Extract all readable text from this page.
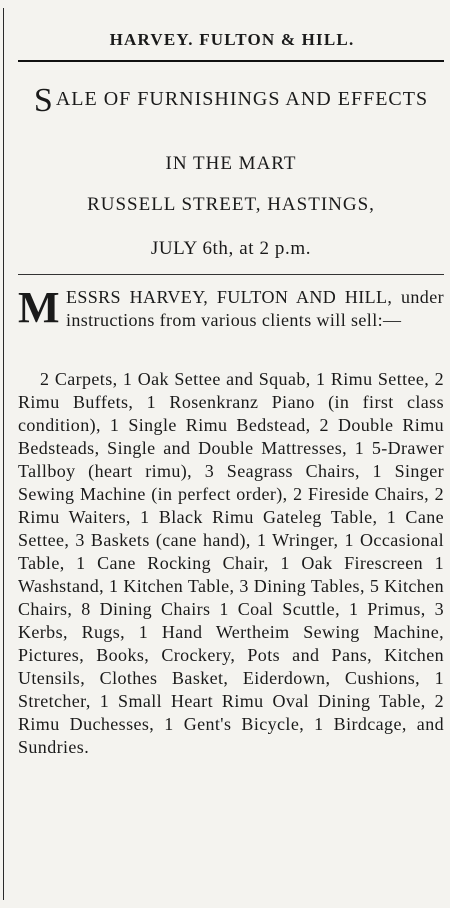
HARVEY. FULTON & HILL.
SALE OF FURNISHINGS AND EFFECTS
IN THE MART
RUSSELL STREET, HASTINGS,
JULY 6th, at 2 p.m.
MESSRS HARVEY, FULTON AND HILL, under instructions from various clients will sell:—
2 Carpets, 1 Oak Settee and Squab, 1 Rimu Settee, 2 Rimu Buffets, 1 Rosenkranz Piano (in first class condition), 1 Single Rimu Bedstead, 2 Double Rimu Bedsteads, Single and Double Mattresses, 1 5-Drawer Tallboy (heart rimu), 3 Seagrass Chairs, 1 Singer Sewing Machine (in perfect order), 2 Fireside Chairs, 2 Rimu Waiters, 1 Black Rimu Gateleg Table, 1 Cane Settee, 3 Baskets (cane hand), 1 Wringer, 1 Occasional Table, 1 Cane Rocking Chair, 1 Oak Firescreen 1 Washstand, 1 Kitchen Table, 3 Dining Tables, 5 Kitchen Chairs, 8 Dining Chairs 1 Coal Scuttle, 1 Primus, 3 Kerbs, Rugs, 1 Hand Wertheim Sewing Machine, Pictures, Books, Crockery, Pots and Pans, Kitchen Utensils, Clothes Basket, Eiderdown, Cushions, 1 Stretcher, 1 Small Heart Rimu Oval Dining Table, 2 Rimu Duchesses, 1 Gent's Bicycle, 1 Birdcage, and Sundries.
